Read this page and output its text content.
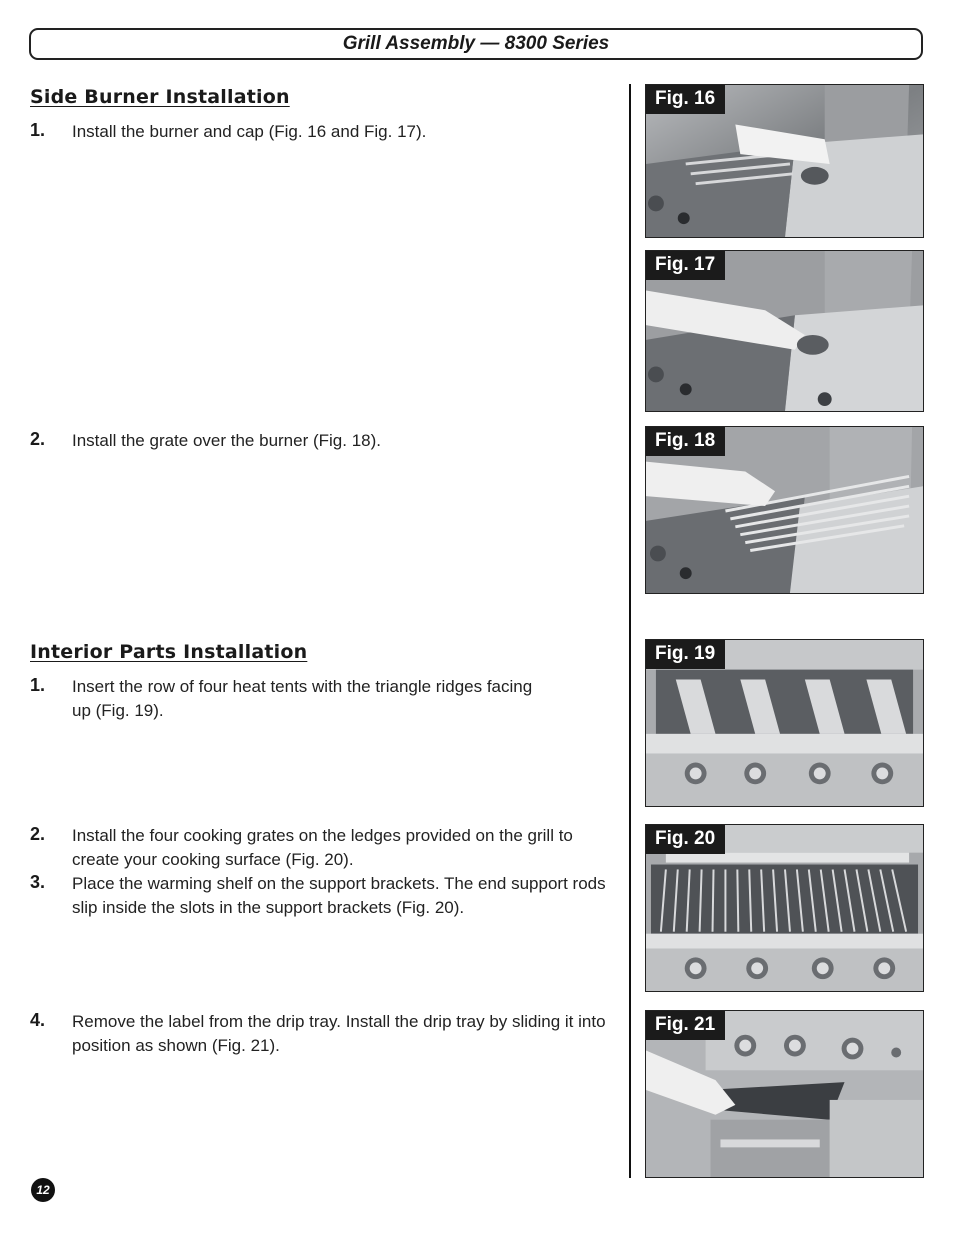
Grill Assembly — 8300 Series
Side Burner Installation
1. Install the burner and cap (Fig. 16 and Fig. 17).
2. Install the grate over the burner (Fig. 18).
Interior Parts Installation
1. Insert the row of four heat tents with the triangle ridges facing up (Fig. 19).
2. Install the four cooking grates on the ledges provided on the grill to create your cooking surface (Fig. 20).
3. Place the warming shelf on the support brackets. The end support rods slip inside the slots in the support brackets (Fig. 20).
4. Remove the label from the drip tray. Install the drip tray by sliding it into position as shown (Fig. 21).
Fig. 16
Fig. 17
Fig. 18
Fig. 19
Fig. 20
Fig. 21
12
